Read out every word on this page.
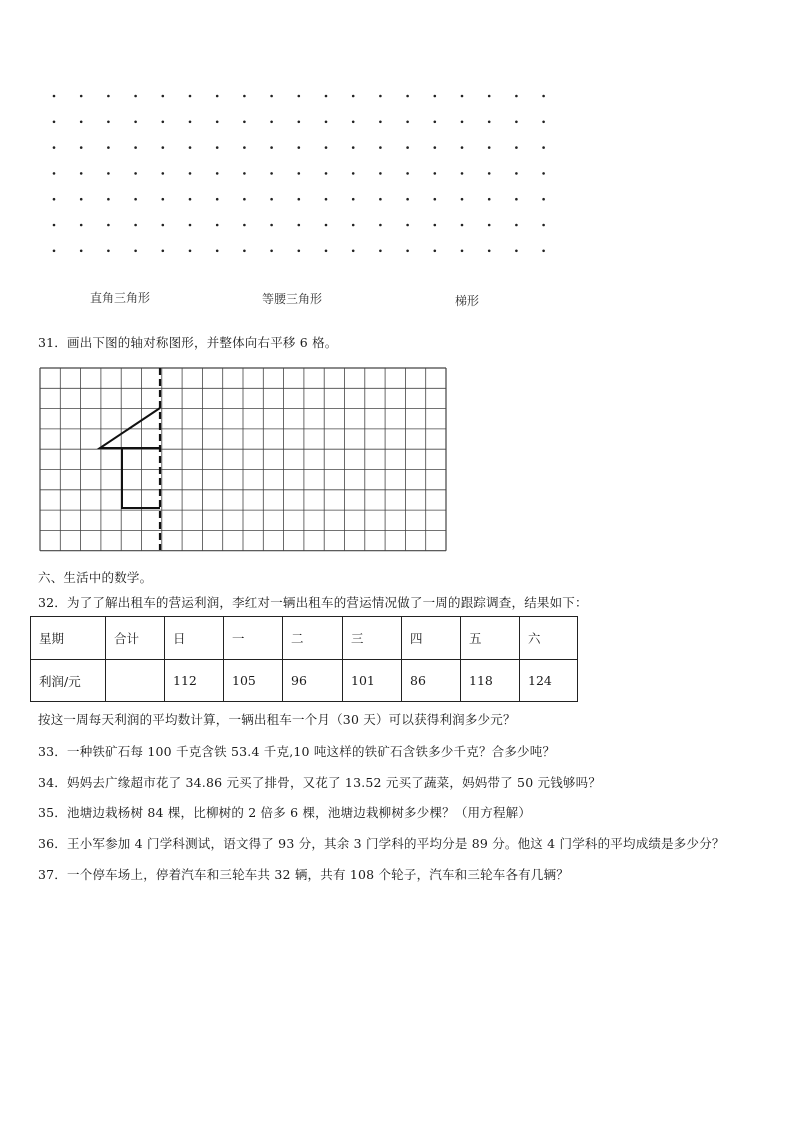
直角三角形	等腰三角形	梯形
31．画出下图的轴对称图形，并整体向右平移 6 格。
六、生活中的数学。
32．为了了解出租车的营运利润，李红对一辆出租车的营运情况做了一周的跟踪调查，结果如下：
星期	合计	日	一	二	三	四	五	六
利润/元		112	105	96	101	86	118	124
按这一周每天利润的平均数计算，一辆出租车一个月（30 天）可以获得利润多少元？
33．一种铁矿石每 100 千克含铁 53.4 千克,10 吨这样的铁矿石含铁多少千克？合多少吨？
34．妈妈去广缘超市花了 34.86 元买了排骨，又花了 13.52 元买了蔬菜，妈妈带了 50 元钱够吗？
35．池塘边栽杨树 84 棵，比柳树的 2 倍多 6 棵，池塘边栽柳树多少棵？（用方程解）
36．王小军参加 4 门学科测试，语文得了 93 分，其余 3 门学科的平均分是 89 分。他这 4 门学科的平均成绩是多少分？
37．一个停车场上，停着汽车和三轮车共 32 辆，共有 108 个轮子，汽车和三轮车各有几辆？
